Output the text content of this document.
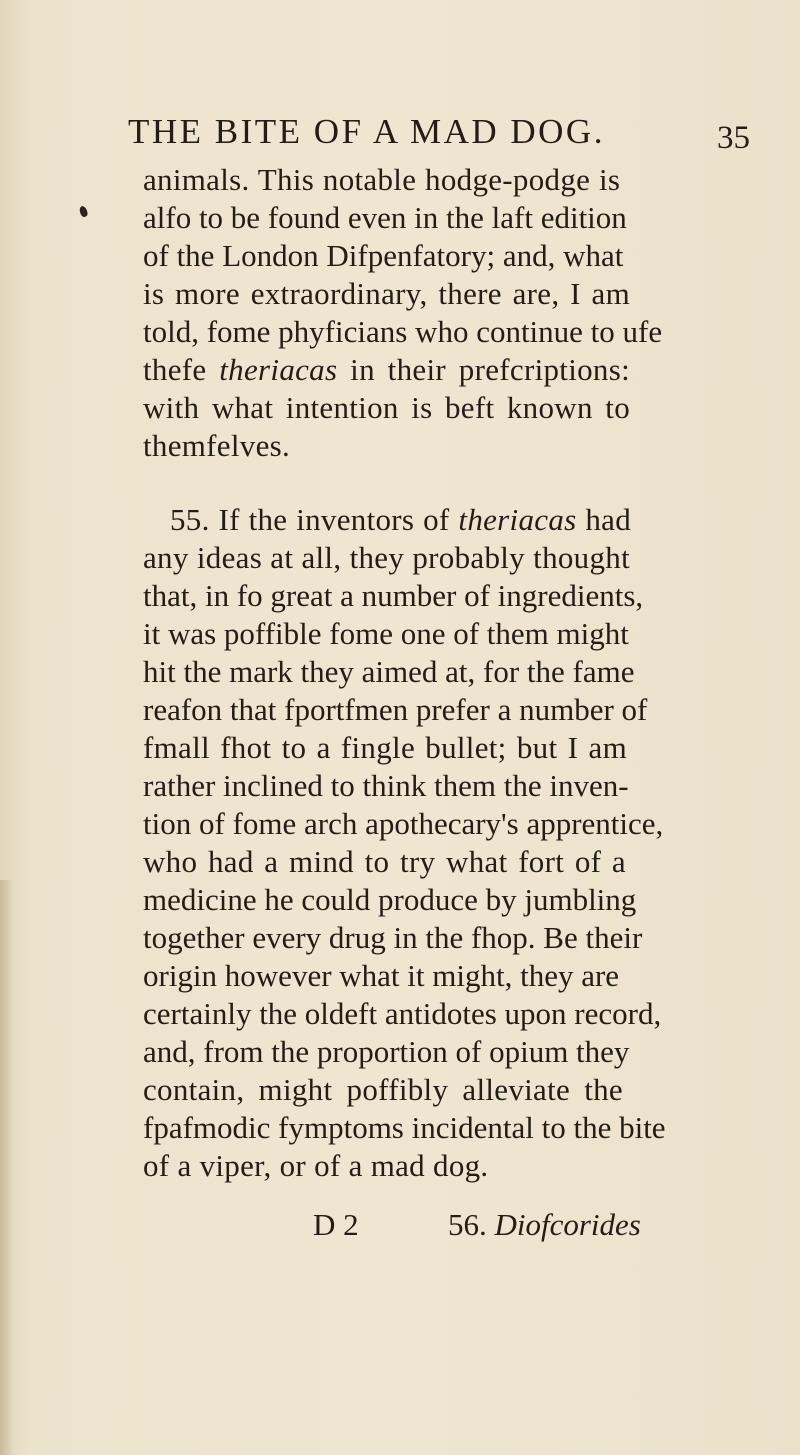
THE BITE OF A MAD DOG.	35
animals. This notable hodge-podge is
alfo to be found even in the laft edition
of the London Difpenfatory; and, what
is more extraordinary, there are, I am
told, fome phyficians who continue to ufe
thefe theriacas in their prefcriptions:
with what intention is beft known to
themfelves.
55. If the inventors of theriacas had
any ideas at all, they probably thought
that, in fo great a number of ingredients,
it was poffible fome one of them might
hit the mark they aimed at, for the fame
reafon that fportfmen prefer a number of
fmall fhot to a fingle bullet; but I am
rather inclined to think them the inven-
tion of fome arch apothecary's apprentice,
who had a mind to try what fort of a
medicine he could produce by jumbling
together every drug in the fhop. Be their
origin however what it might, they are
certainly the oldeft antidotes upon record,
and, from the proportion of opium they
contain, might poffibly alleviate the
fpafmodic fymptoms incidental to the bite
of a viper, or of a mad dog.
D 2	56. Diofcorides
